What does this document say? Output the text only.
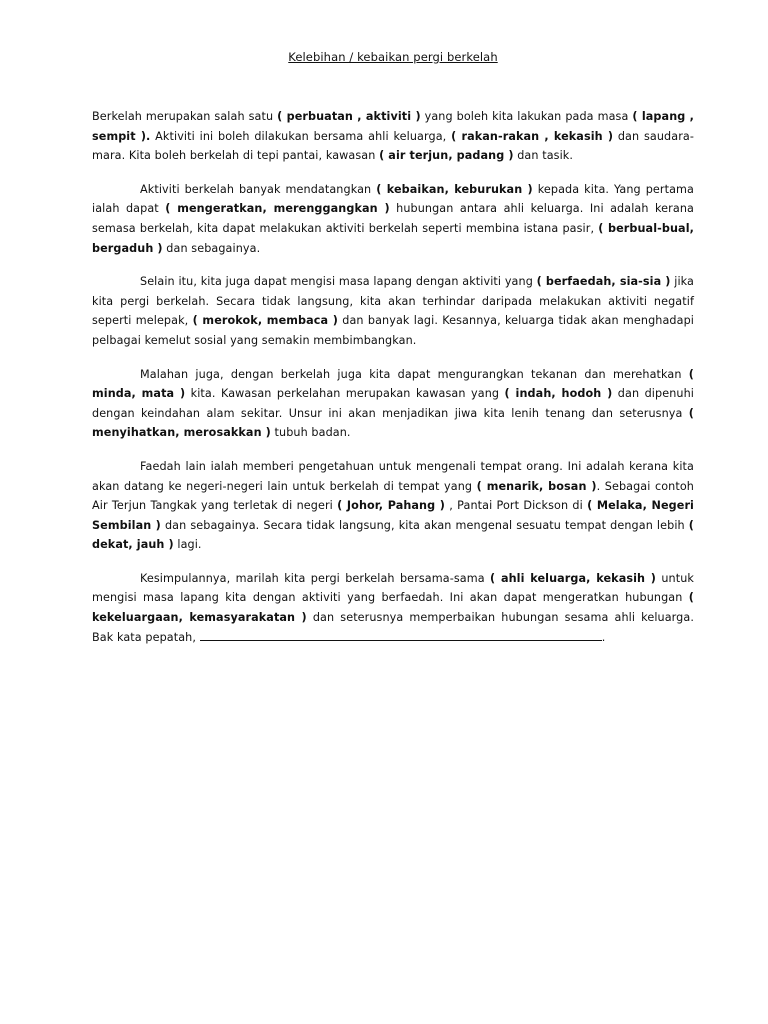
Kelebihan / kebaikan pergi berkelah

Berkelah merupakan salah satu ( perbuatan , aktiviti ) yang boleh kita lakukan pada masa ( lapang , sempit ). Aktiviti ini boleh dilakukan bersama ahli keluarga, ( rakan-rakan , kekasih ) dan saudara-mara. Kita boleh berkelah di tepi pantai, kawasan ( air terjun, padang ) dan tasik.

Aktiviti berkelah banyak mendatangkan ( kebaikan, keburukan ) kepada kita. Yang pertama ialah dapat ( mengeratkan, merenggangkan ) hubungan antara ahli keluarga. Ini adalah kerana semasa berkelah, kita dapat melakukan aktiviti berkelah seperti membina istana pasir, ( berbual-bual, bergaduh ) dan sebagainya.

Selain itu, kita juga dapat mengisi masa lapang dengan aktiviti yang ( berfaedah, sia-sia ) jika kita pergi berkelah. Secara tidak langsung, kita akan terhindar daripada melakukan aktiviti negatif seperti melepak, ( merokok, membaca ) dan banyak lagi. Kesannya, keluarga tidak akan menghadapi pelbagai kemelut sosial yang semakin membimbangkan.

Malahan juga, dengan berkelah juga kita dapat mengurangkan tekanan dan merehatkan ( minda, mata ) kita. Kawasan perkelahan merupakan kawasan yang ( indah, hodoh ) dan dipenuhi dengan keindahan alam sekitar. Unsur ini akan menjadikan jiwa kita lenih tenang dan seterusnya ( menyihatkan, merosakkan ) tubuh badan.

Faedah lain ialah memberi pengetahuan untuk mengenali tempat orang. Ini adalah kerana kita akan datang ke negeri-negeri lain untuk berkelah di tempat yang ( menarik, bosan ). Sebagai contoh Air Terjun Tangkak yang terletak di negeri ( Johor, Pahang ) , Pantai Port Dickson di ( Melaka, Negeri Sembilan ) dan sebagainya. Secara tidak langsung, kita akan mengenal sesuatu tempat dengan lebih ( dekat, jauh ) lagi.

Kesimpulannya, marilah kita pergi berkelah bersama-sama ( ahli keluarga, kekasih ) untuk mengisi masa lapang kita dengan aktiviti yang berfaedah. Ini akan dapat mengeratkan hubungan ( kekeluargaan, kemasyarakatan ) dan seterusnya memperbaikan hubungan sesama ahli keluarga. Bak kata pepatah,	.
